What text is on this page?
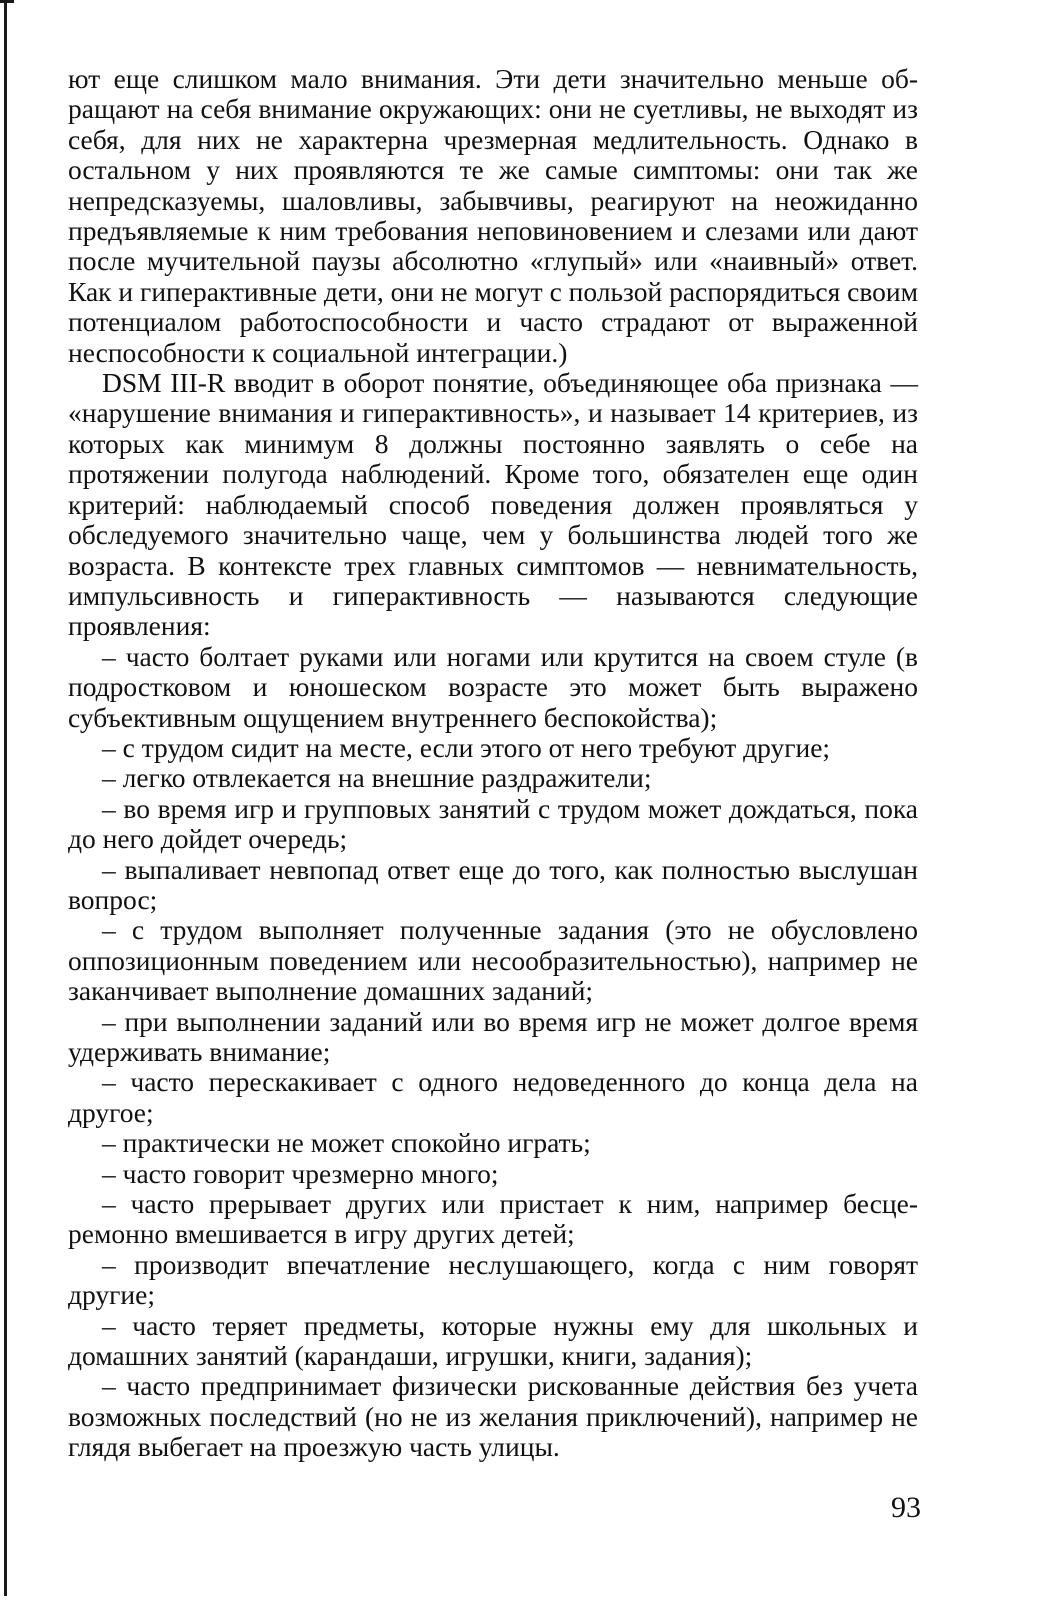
ют еще слишком мало внимания. Эти дети значительно меньше обращают на себя внимание окружающих: они не суетливы, не выходят из себя, для них не характерна чрезмерная медлительность. Однако в остальном у них проявляются те же самые симптомы: они так же непредсказуемы, шаловливы, забывчивы, реагируют на неожиданно предъявляемые к ним требования неповиновением и слезами или дают после мучительной паузы абсолютно «глупый» или «наивный» ответ. Как и гиперактивные дети, они не могут с пользой распорядиться своим потенциалом работоспособности и часто страдают от выраженной неспособности к социальной интеграции.)

DSM III-R вводит в оборот понятие, объединяющее оба признака — «нарушение внимания и гиперактивность», и называет 14 критериев, из которых как минимум 8 должны постоянно заявлять о себе на протяжении полугода наблюдений. Кроме того, обязателен еще один критерий: наблюдаемый способ поведения должен проявляться у обследуемого значительно чаще, чем у большинства людей того же возраста. В контексте трех главных симптомов — невнимательность, импульсивность и гиперактивность — называются следующие проявления:

– часто болтает руками или ногами или крутится на своем стуле (в подростковом и юношеском возрасте это может быть выражено субъективным ощущением внутреннего беспокойства);

– с трудом сидит на месте, если этого от него требуют другие;

– легко отвлекается на внешние раздражители;

– во время игр и групповых занятий с трудом может дождаться, пока до него дойдет очередь;

– выпаливает невпопад ответ еще до того, как полностью выслушан вопрос;

– с трудом выполняет полученные задания (это не обусловлено оппозиционным поведением или несообразительностью), например не заканчивает выполнение домашних заданий;

– при выполнении заданий или во время игр не может долгое время удерживать внимание;

– часто перескакивает с одного недоведенного до конца дела на другое;

– практически не может спокойно играть;

– часто говорит чрезмерно много;

– часто прерывает других или пристает к ним, например бесцеремонно вмешивается в игру других детей;

– производит впечатление неслушающего, когда с ним говорят другие;

– часто теряет предметы, которые нужны ему для школьных и домашних занятий (карандаши, игрушки, книги, задания);

– часто предпринимает физически рискованные действия без учета возможных последствий (но не из желания приключений), например не глядя выбегает на проезжую часть улицы.

93
